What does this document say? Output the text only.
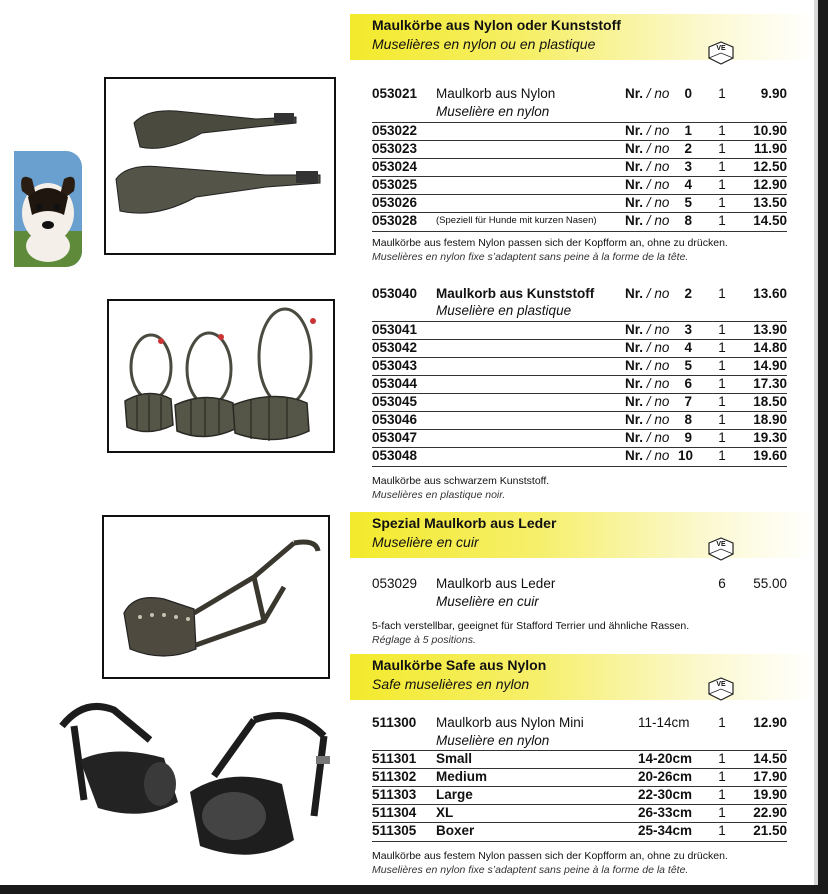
Maulkörbe aus Nylon oder Kunststoff
Muselières en nylon ou en plastique	VE
053021 Maulkorb aus Nylon	Nr. / no	0 1	9.90
Muselière en nylon
053022	Nr. / no	1 1	10.90
053023	Nr. / no	2 1	11.90
053024	Nr. / no	3 1	12.50
053025	Nr. / no	4 1	12.90
053026	Nr. / no	5 1	13.50
053028 (Speziell für Hunde mit kurzen Nasen) Nr. / no	8 1	14.50
Maulkörbe aus festem Nylon passen sich der Kopfform an, ohne zu drücken.
Muselières en nylon fixe s’adaptent sans peine à la forme de la tête.
053040 Maulkorb aus Kunststoff Nr. / no	2 1	13.60
Muselière en plastique
053041	Nr. / no	3 1	13.90
053042	Nr. / no	4 1	14.80
053043	Nr. / no	5 1	14.90
053044	Nr. / no	6 1	17.30
053045	Nr. / no	7 1	18.50
053046	Nr. / no	8 1	18.90
053047	Nr. / no	9 1	19.30
053048	Nr. / no 10 1	19.60
Maulkörbe aus schwarzem Kunststoff.
Muselières en plastique noir.
Spezial Maulkorb aus Leder
Muselière en cuir	VE
053029 Maulkorb aus Leder	6	55.00
Muselière en cuir
5-fach verstellbar, geeignet für Stafford Terrier und ähnliche Rassen.
Réglage à 5 positions.
Maulkörbe Safe aus Nylon
Safe muselières en nylon	VE
511300 Maulkorb aus Nylon Mini	11-14cm 1	12.90
Muselière en nylon
511301 Small	14-20cm 1	14.50
511302 Medium	20-26cm 1	17.90
511303 Large	22-30cm 1	19.90
511304 XL	26-33cm 1	22.90
511305 Boxer	25-34cm 1	21.50
Maulkörbe aus festem Nylon passen sich der Kopfform an, ohne zu drücken.
Muselières en nylon fixe s’adaptent sans peine à la forme de la tête.
